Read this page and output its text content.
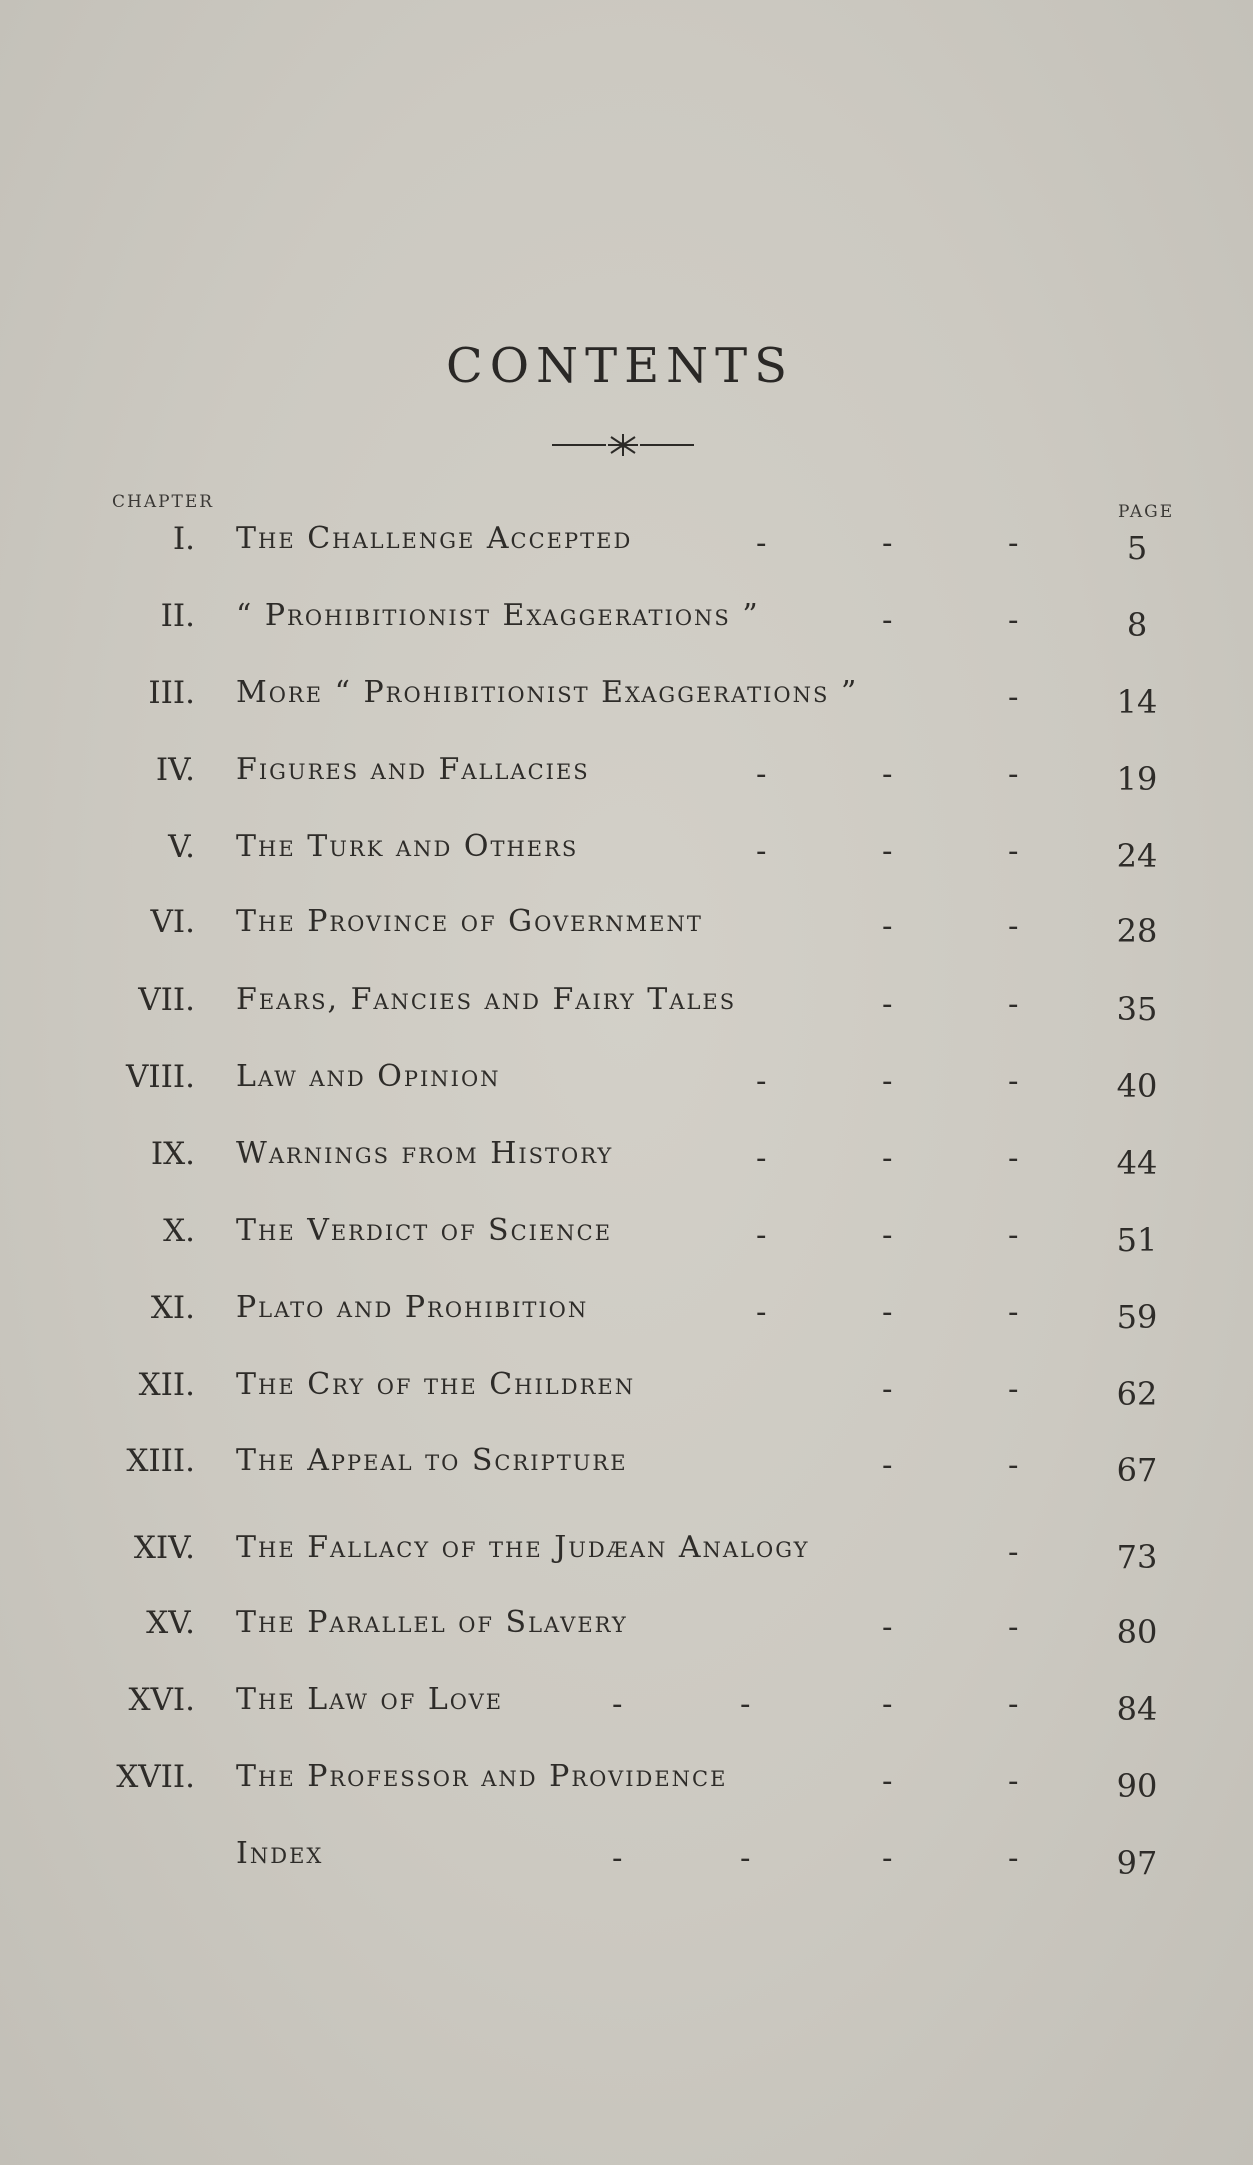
CONTENTS
CHAPTER	PAGE
I. The Challenge Accepted	-	-	-	5
II. “ Prohibitionist Exaggerations ”	-	-	8
III. More “ Prohibitionist Exaggerations ”	-	14
IV. Figures and Fallacies	-	-	-	19
V. The Turk and Others	-	-	-	24
VI. The Province of Government	-	-	28
VII. Fears, Fancies and Fairy Tales	-	-	35
VIII. Law and Opinion	-	-	-	40
IX. Warnings from History	-	-	-	44
X. The Verdict of Science	-	-	-	51
XI. Plato and Prohibition	-	-	-	59
XII. The Cry of the Children	-	-	62
XIII. The Appeal to Scripture	-	-	67
XIV. The Fallacy of the Judæan Analogy	-	73
XV. The Parallel of Slavery	-	-	80
XVI. The Law of Love	-	-	-	-	84
XVII. The Professor and Providence	-	-	90
Index	-	-	-	-	97
